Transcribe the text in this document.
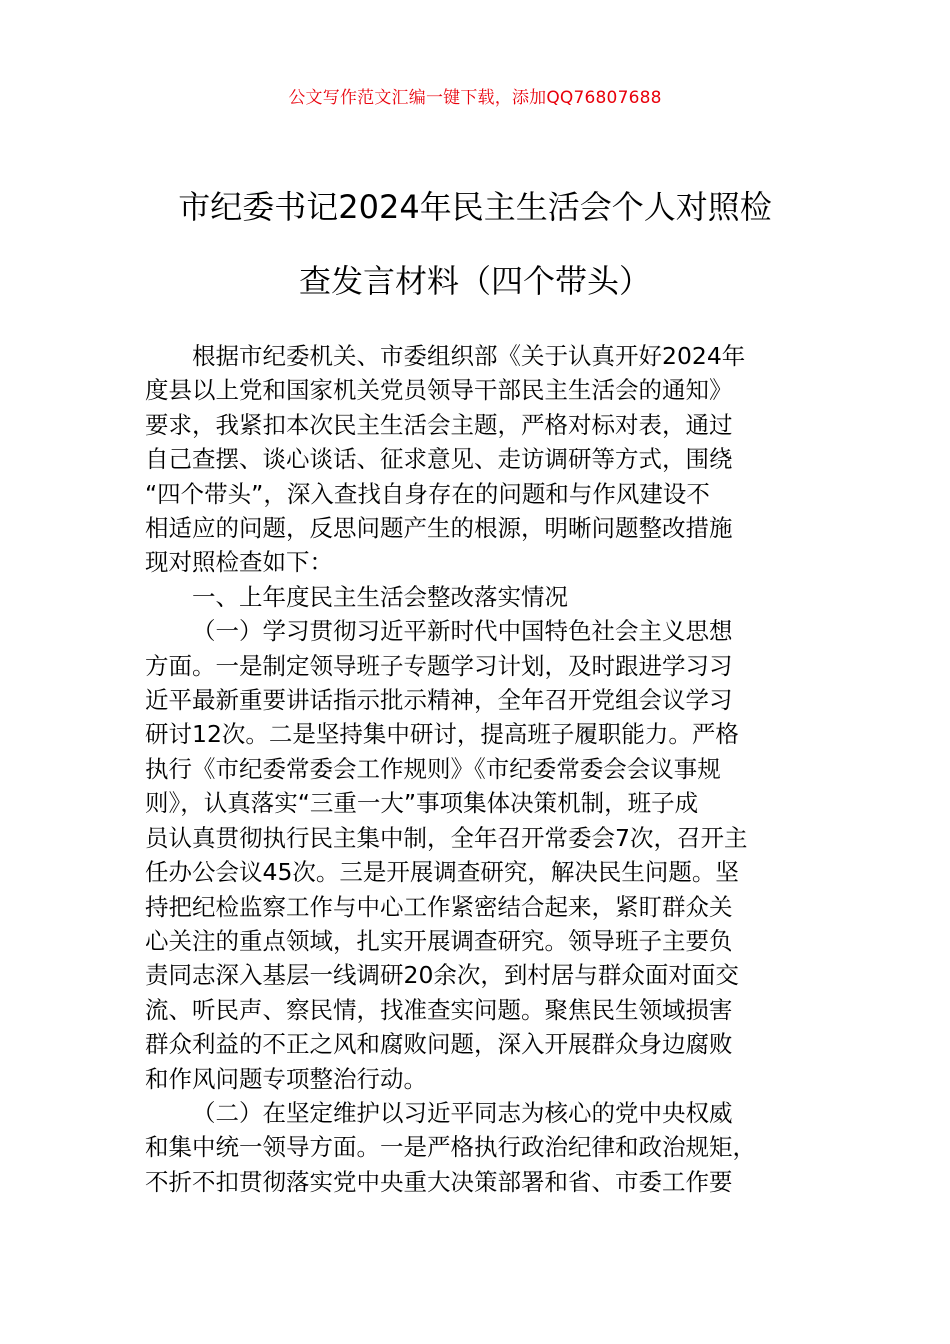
公文写作范文汇编一键下载，添加QQ76807688
市纪委书记2024年民主生活会个人对照检
查发言材料（四个带头）
根据市纪委机关、市委组织部《关于认真开好2024年
度县以上党和国家机关党员领导干部民主生活会的通知》
要求，我紧扣本次民主生活会主题，严格对标对表，通过
自己查摆、谈心谈话、征求意见、走访调研等方式，围绕
“四个带头”，深入查找自身存在的问题和与作风建设不
相适应的问题，反思问题产生的根源，明晰问题整改措施
现对照检查如下：
一、上年度民主生活会整改落实情况
（一）学习贯彻习近平新时代中国特色社会主义思想
方面。一是制定领导班子专题学习计划，及时跟进学习习
近平最新重要讲话指示批示精神，全年召开党组会议学习
研讨12次。二是坚持集中研讨，提高班子履职能力。严格
执行《市纪委常委会工作规则》《市纪委常委会会议事规
则》，认真落实“三重一大”事项集体决策机制，班子成
员认真贯彻执行民主集中制，全年召开常委会7次，召开主
任办公会议45次。三是开展调查研究，解决民生问题。坚
持把纪检监察工作与中心工作紧密结合起来，紧盯群众关
心关注的重点领域，扎实开展调查研究。领导班子主要负
责同志深入基层一线调研20余次，到村居与群众面对面交
流、听民声、察民情，找准查实问题。聚焦民生领域损害
群众利益的不正之风和腐败问题，深入开展群众身边腐败
和作风问题专项整治行动。
（二）在坚定维护以习近平同志为核心的党中央权威
和集中统一领导方面。一是严格执行政治纪律和政治规矩，
不折不扣贯彻落实党中央重大决策部署和省、市委工作要
